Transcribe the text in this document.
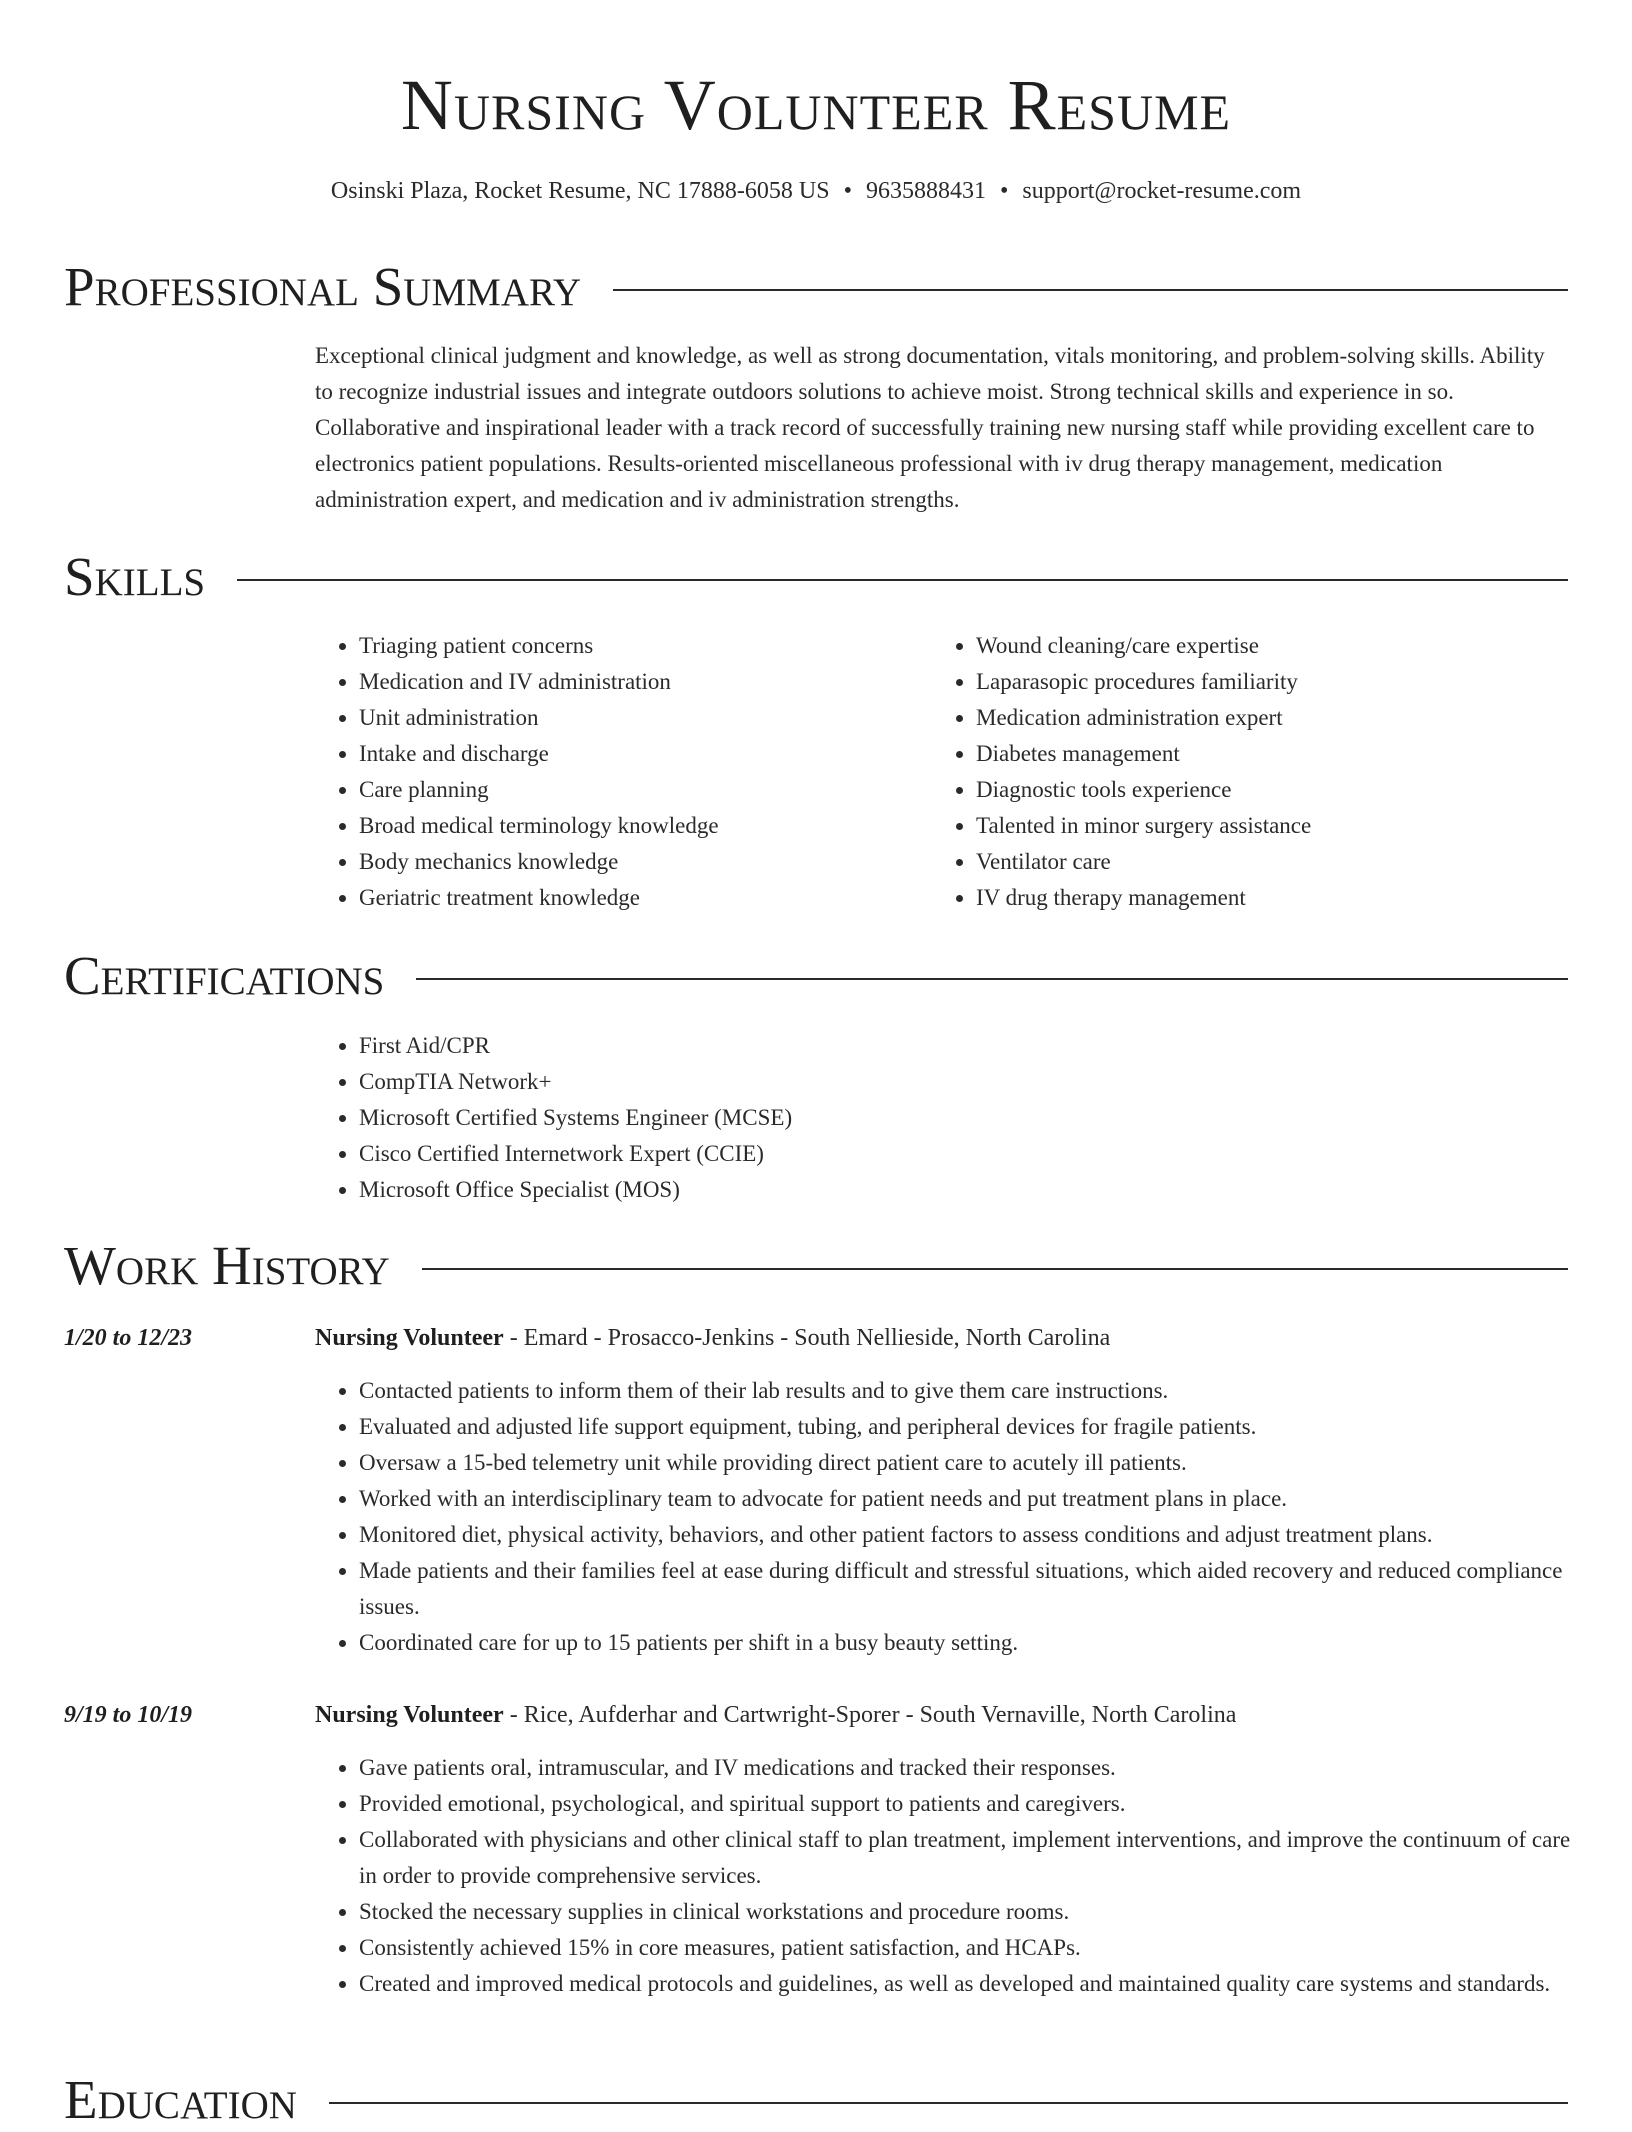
Nursing Volunteer Resume
Osinski Plaza, Rocket Resume, NC 17888-6058 US • 9635888431 • support@rocket-resume.com
Professional Summary
Exceptional clinical judgment and knowledge, as well as strong documentation, vitals monitoring, and problem-solving skills. Ability to recognize industrial issues and integrate outdoors solutions to achieve moist. Strong technical skills and experience in so. Collaborative and inspirational leader with a track record of successfully training new nursing staff while providing excellent care to electronics patient populations. Results-oriented miscellaneous professional with iv drug therapy management, medication administration expert, and medication and iv administration strengths.
Skills
• Triaging patient concerns
• Medication and IV administration
• Unit administration
• Intake and discharge
• Care planning
• Broad medical terminology knowledge
• Body mechanics knowledge
• Geriatric treatment knowledge
• Wound cleaning/care expertise
• Laparasopic procedures familiarity
• Medication administration expert
• Diabetes management
• Diagnostic tools experience
• Talented in minor surgery assistance
• Ventilator care
• IV drug therapy management
Certifications
• First Aid/CPR
• CompTIA Network+
• Microsoft Certified Systems Engineer (MCSE)
• Cisco Certified Internetwork Expert (CCIE)
• Microsoft Office Specialist (MOS)
Work History
1/20 to 12/23	Nursing Volunteer - Emard - Prosacco-Jenkins - South Nellieside, North Carolina
• Contacted patients to inform them of their lab results and to give them care instructions.
• Evaluated and adjusted life support equipment, tubing, and peripheral devices for fragile patients.
• Oversaw a 15-bed telemetry unit while providing direct patient care to acutely ill patients.
• Worked with an interdisciplinary team to advocate for patient needs and put treatment plans in place.
• Monitored diet, physical activity, behaviors, and other patient factors to assess conditions and adjust treatment plans.
• Made patients and their families feel at ease during difficult and stressful situations, which aided recovery and reduced compliance issues.
• Coordinated care for up to 15 patients per shift in a busy beauty setting.
9/19 to 10/19	Nursing Volunteer - Rice, Aufderhar and Cartwright-Sporer - South Vernaville, North Carolina
• Gave patients oral, intramuscular, and IV medications and tracked their responses.
• Provided emotional, psychological, and spiritual support to patients and caregivers.
• Collaborated with physicians and other clinical staff to plan treatment, implement interventions, and improve the continuum of care in order to provide comprehensive services.
• Stocked the necessary supplies in clinical workstations and procedure rooms.
• Consistently achieved 15% in core measures, patient satisfaction, and HCAPs.
• Created and improved medical protocols and guidelines, as well as developed and maintained quality care systems and standards.
Education
